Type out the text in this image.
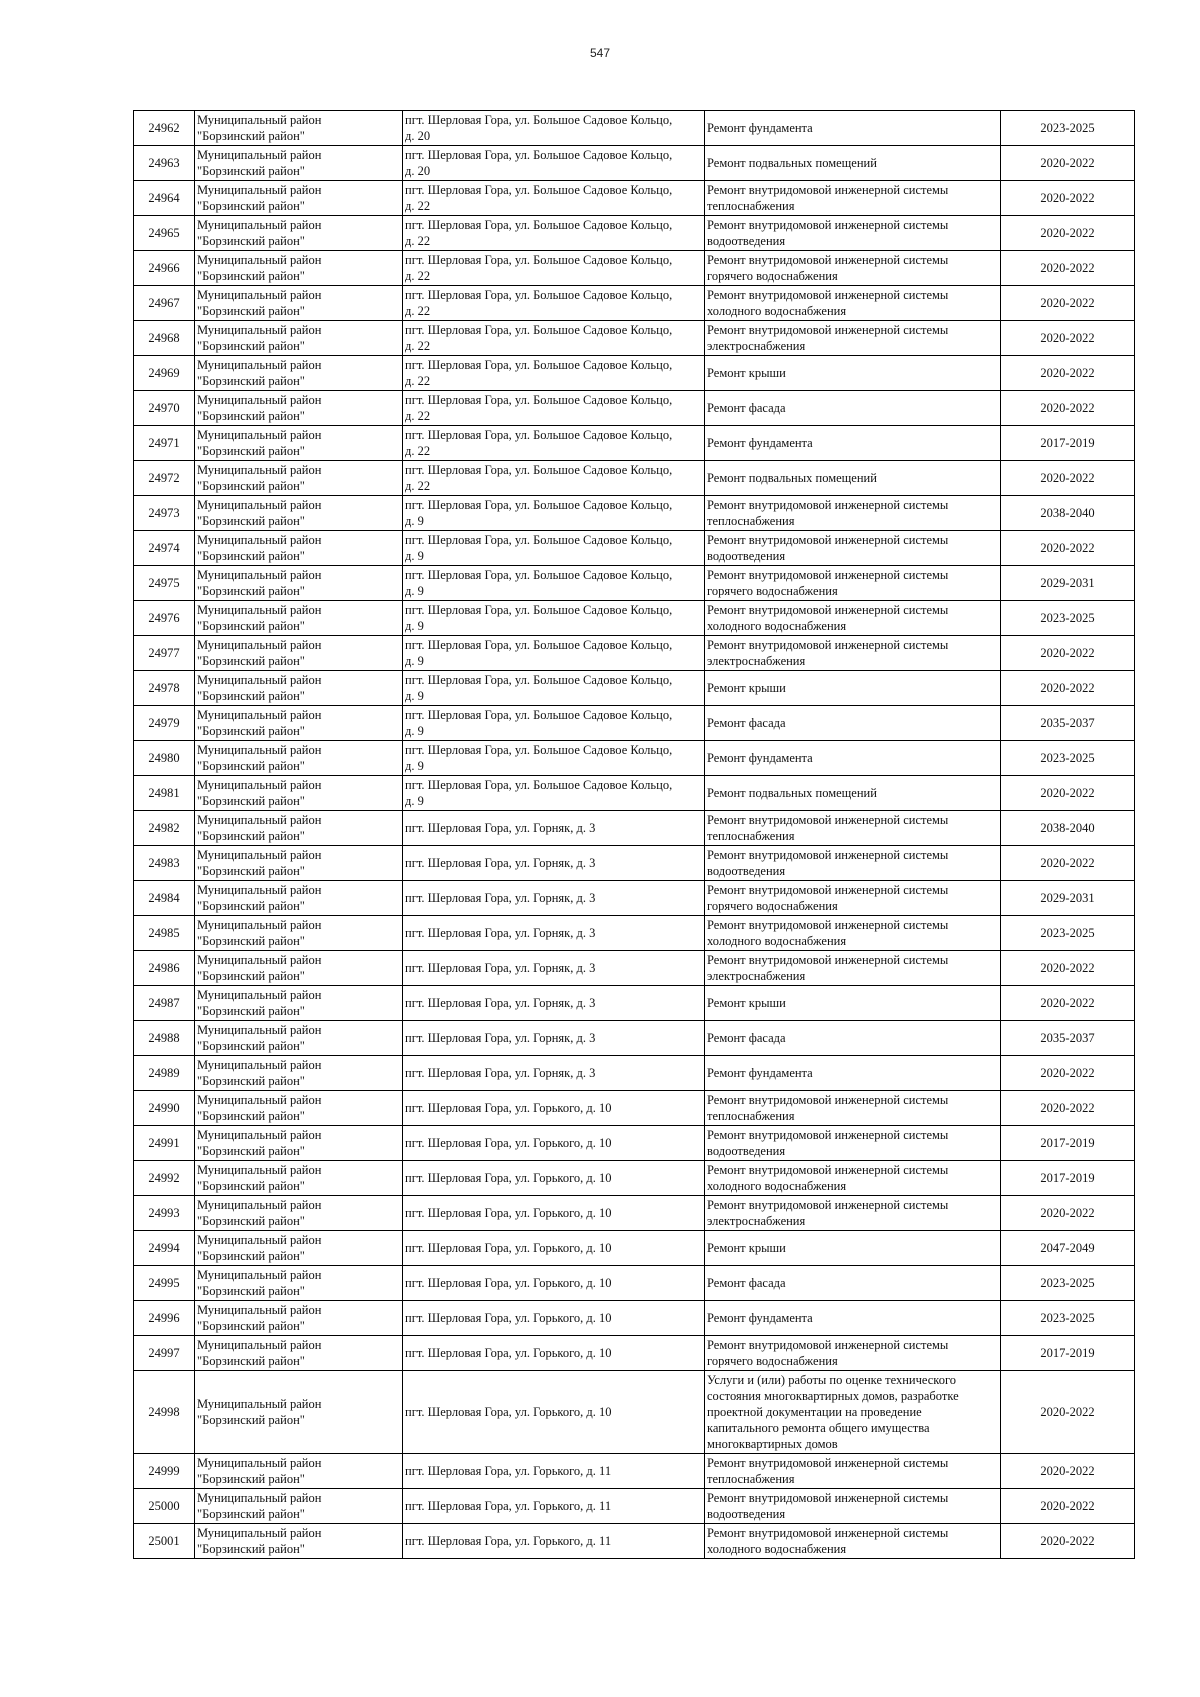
547
24962	Муниципальный район
"Борзинский район"	пгт. Шерловая Гора, ул. Большое Садовое Кольцо,
д. 20	Ремонт фундамента	2023-2025

24963	Муниципальный район
"Борзинский район"	пгт. Шерловая Гора, ул. Большое Садовое Кольцо,
д. 20	Ремонт подвальных помещений	2020-2022

24964	Муниципальный район
"Борзинский район"	пгт. Шерловая Гора, ул. Большое Садовое Кольцо,
д. 22	Ремонт внутридомовой инженерной системы
теплоснабжения	2020-2022

24965	Муниципальный район
"Борзинский район"	пгт. Шерловая Гора, ул. Большое Садовое Кольцо,
д. 22	Ремонт внутридомовой инженерной системы
водоотведения	2020-2022

24966	Муниципальный район
"Борзинский район"	пгт. Шерловая Гора, ул. Большое Садовое Кольцо,
д. 22	Ремонт внутридомовой инженерной системы
горячего водоснабжения	2020-2022

24967	Муниципальный район
"Борзинский район"	пгт. Шерловая Гора, ул. Большое Садовое Кольцо,
д. 22	Ремонт внутридомовой инженерной системы
холодного водоснабжения	2020-2022

24968	Муниципальный район
"Борзинский район"	пгт. Шерловая Гора, ул. Большое Садовое Кольцо,
д. 22	Ремонт внутридомовой инженерной системы
электроснабжения	2020-2022

24969	Муниципальный район
"Борзинский район"	пгт. Шерловая Гора, ул. Большое Садовое Кольцо,
д. 22	Ремонт крыши	2020-2022

24970	Муниципальный район
"Борзинский район"	пгт. Шерловая Гора, ул. Большое Садовое Кольцо,
д. 22	Ремонт фасада	2020-2022

24971	Муниципальный район
"Борзинский район"	пгт. Шерловая Гора, ул. Большое Садовое Кольцо,
д. 22	Ремонт фундамента	2017-2019

24972	Муниципальный район
"Борзинский район"	пгт. Шерловая Гора, ул. Большое Садовое Кольцо,
д. 22	Ремонт подвальных помещений	2020-2022

24973	Муниципальный район
"Борзинский район"	пгт. Шерловая Гора, ул. Большое Садовое Кольцо,
д. 9	Ремонт внутридомовой инженерной системы
теплоснабжения	2038-2040

24974	Муниципальный район
"Борзинский район"	пгт. Шерловая Гора, ул. Большое Садовое Кольцо,
д. 9	Ремонт внутридомовой инженерной системы
водоотведения	2020-2022

24975	Муниципальный район
"Борзинский район"	пгт. Шерловая Гора, ул. Большое Садовое Кольцо,
д. 9	Ремонт внутридомовой инженерной системы
горячего водоснабжения	2029-2031

24976	Муниципальный район
"Борзинский район"	пгт. Шерловая Гора, ул. Большое Садовое Кольцо,
д. 9	Ремонт внутридомовой инженерной системы
холодного водоснабжения	2023-2025

24977	Муниципальный район
"Борзинский район"	пгт. Шерловая Гора, ул. Большое Садовое Кольцо,
д. 9	Ремонт внутридомовой инженерной системы
электроснабжения	2020-2022

24978	Муниципальный район
"Борзинский район"	пгт. Шерловая Гора, ул. Большое Садовое Кольцо,
д. 9	Ремонт крыши	2020-2022

24979	Муниципальный район
"Борзинский район"	пгт. Шерловая Гора, ул. Большое Садовое Кольцо,
д. 9	Ремонт фасада	2035-2037

24980	Муниципальный район
"Борзинский район"	пгт. Шерловая Гора, ул. Большое Садовое Кольцо,
д. 9	Ремонт фундамента	2023-2025

24981	Муниципальный район
"Борзинский район"	пгт. Шерловая Гора, ул. Большое Садовое Кольцо,
д. 9	Ремонт подвальных помещений	2020-2022

24982	Муниципальный район
"Борзинский район"	пгт. Шерловая Гора, ул. Горняк, д. 3	Ремонт внутридомовой инженерной системы
теплоснабжения	2038-2040

24983	Муниципальный район
"Борзинский район"	пгт. Шерловая Гора, ул. Горняк, д. 3	Ремонт внутридомовой инженерной системы
водоотведения	2020-2022

24984	Муниципальный район
"Борзинский район"	пгт. Шерловая Гора, ул. Горняк, д. 3	Ремонт внутридомовой инженерной системы
горячего водоснабжения	2029-2031

24985	Муниципальный район
"Борзинский район"	пгт. Шерловая Гора, ул. Горняк, д. 3	Ремонт внутридомовой инженерной системы
холодного водоснабжения	2023-2025

24986	Муниципальный район
"Борзинский район"	пгт. Шерловая Гора, ул. Горняк, д. 3	Ремонт внутридомовой инженерной системы
электроснабжения	2020-2022

24987	Муниципальный район
"Борзинский район"	пгт. Шерловая Гора, ул. Горняк, д. 3	Ремонт крыши	2020-2022

24988	Муниципальный район
"Борзинский район"	пгт. Шерловая Гора, ул. Горняк, д. 3	Ремонт фасада	2035-2037

24989	Муниципальный район
"Борзинский район"	пгт. Шерловая Гора, ул. Горняк, д. 3	Ремонт фундамента	2020-2022

24990	Муниципальный район
"Борзинский район"	пгт. Шерловая Гора, ул. Горького, д. 10	Ремонт внутридомовой инженерной системы
теплоснабжения	2020-2022

24991	Муниципальный район
"Борзинский район"	пгт. Шерловая Гора, ул. Горького, д. 10	Ремонт внутридомовой инженерной системы
водоотведения	2017-2019

24992	Муниципальный район
"Борзинский район"	пгт. Шерловая Гора, ул. Горького, д. 10	Ремонт внутридомовой инженерной системы
холодного водоснабжения	2017-2019

24993	Муниципальный район
"Борзинский район"	пгт. Шерловая Гора, ул. Горького, д. 10	Ремонт внутридомовой инженерной системы
электроснабжения	2020-2022

24994	Муниципальный район
"Борзинский район"	пгт. Шерловая Гора, ул. Горького, д. 10	Ремонт крыши	2047-2049

24995	Муниципальный район
"Борзинский район"	пгт. Шерловая Гора, ул. Горького, д. 10	Ремонт фасада	2023-2025

24996	Муниципальный район
"Борзинский район"	пгт. Шерловая Гора, ул. Горького, д. 10	Ремонт фундамента	2023-2025

24997	Муниципальный район
"Борзинский район"	пгт. Шерловая Гора, ул. Горького, д. 10	Ремонт внутридомовой инженерной системы
горячего водоснабжения	2017-2019

24998	Муниципальный район
"Борзинский район"	пгт. Шерловая Гора, ул. Горького, д. 10	Услуги и (или) работы по оценке технического
состояния многоквартирных домов, разработке
проектной документации на проведение
капитального ремонта общего имущества
многоквартирных домов	2020-2022

24999	Муниципальный район
"Борзинский район"	пгт. Шерловая Гора, ул. Горького, д. 11	Ремонт внутридомовой инженерной системы
теплоснабжения	2020-2022

25000	Муниципальный район
"Борзинский район"	пгт. Шерловая Гора, ул. Горького, д. 11	Ремонт внутридомовой инженерной системы
водоотведения	2020-2022

25001	Муниципальный район
"Борзинский район"	пгт. Шерловая Гора, ул. Горького, д. 11	Ремонт внутридомовой инженерной системы
холодного водоснабжения	2020-2022
